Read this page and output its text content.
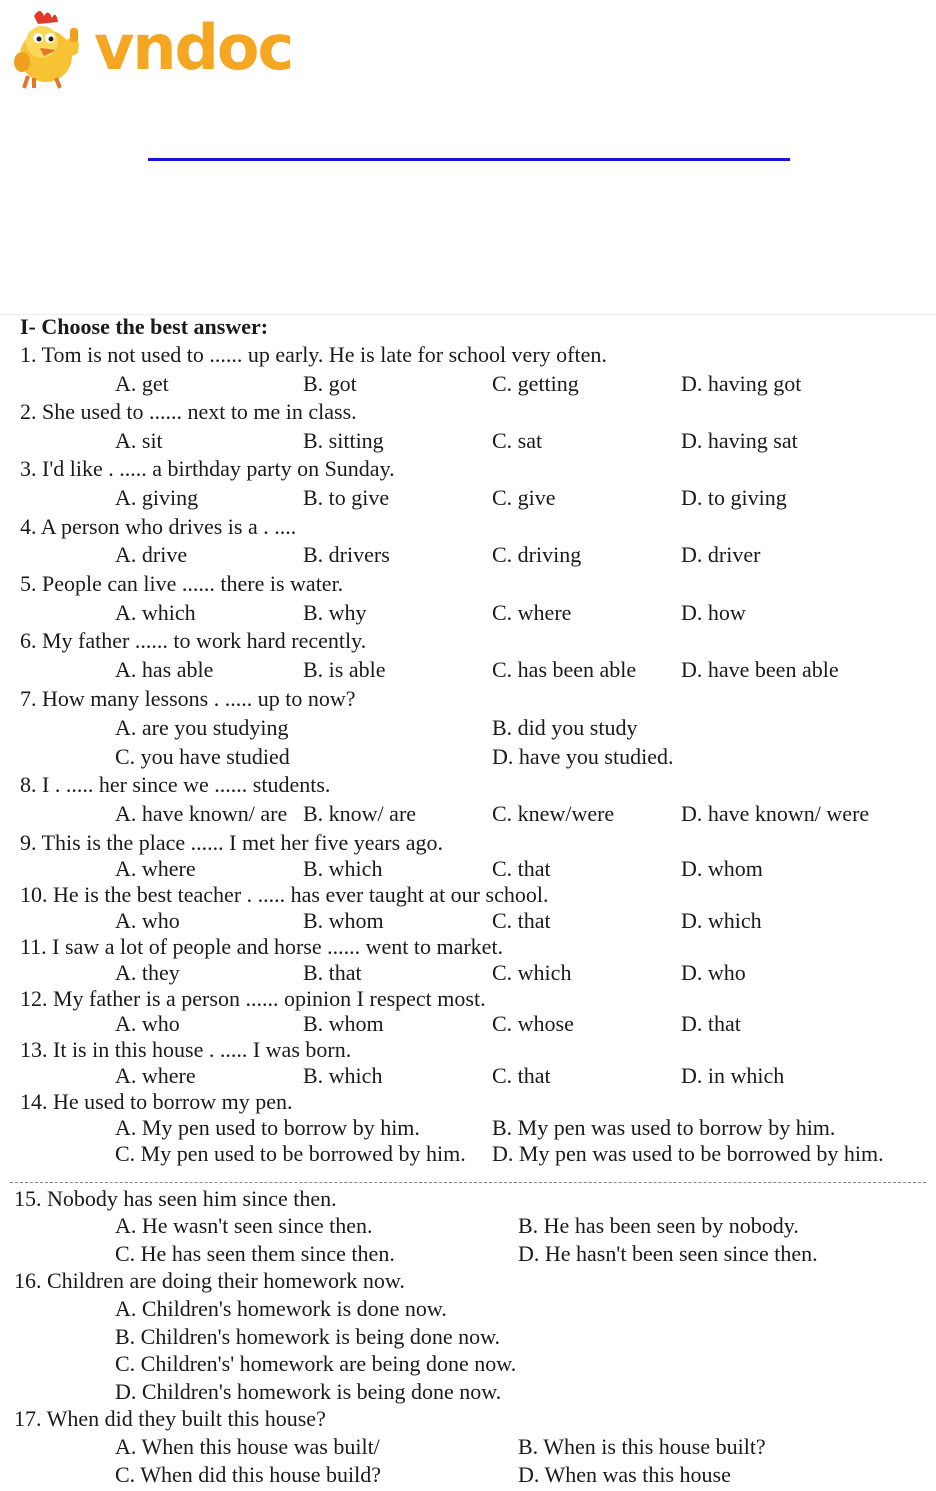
vndoc
I- Choose the best answer:
1. Tom is not used to ...... up early. He is late for school very often.
A. get	B. got	C. getting	D. having got
2. She used to ...... next to me in class.
A. sit	B. sitting	C. sat	D. having sat
3. I'd like . ..... a birthday party on Sunday.
A. giving	B. to give	C. give	D. to giving
4. A person who drives is a . ....
A. drive	B. drivers	C. driving	D. driver
5. People can live ...... there is water.
A. which	B. why	C. where	D. how
6. My father ...... to work hard recently.
A. has able	B. is able	C. has been able D. have been able
7. How many lessons . ..... up to now?
A. are you studying	B. did you study
C. you have studied	D. have you studied.
8. I . ..... her since we ...... students.
A. have known/ are B. know/ are	C. knew/were	D. have known/ were
9. This is the place ...... I met her five years ago.
A. where	B. which	C. that	D. whom
10. He is the best teacher . ..... has ever taught at our school.
A. who	B. whom	C. that	D. which
11. I saw a lot of people and horse ...... went to market.
A. they	B. that	C. which	D. who
12. My father is a person ...... opinion I respect most.
A. who	B. whom	C. whose	D. that
13. It is in this house . ..... I was born.
A. where	B. which	C. that	D. in which
14. He used to borrow my pen.
A. My pen used to borrow by him.	B. My pen was used to borrow by him.
C. My pen used to be borrowed by him. D. My pen was used to be borrowed by him.
15. Nobody has seen him since then.
A. He wasn't seen since then.	B. He has been seen by nobody.
C. He has seen them since then.	D. He hasn't been seen since then.
16. Children are doing their homework now.
A. Children's homework is done now.
B. Children's homework is being done now.
C. Children's' homework are being done now.
D. Children's homework is being done now.
17. When did they built this house?
A. When this house was built/	B. When is this house built?
C. When did this house build?	D. When was this house
